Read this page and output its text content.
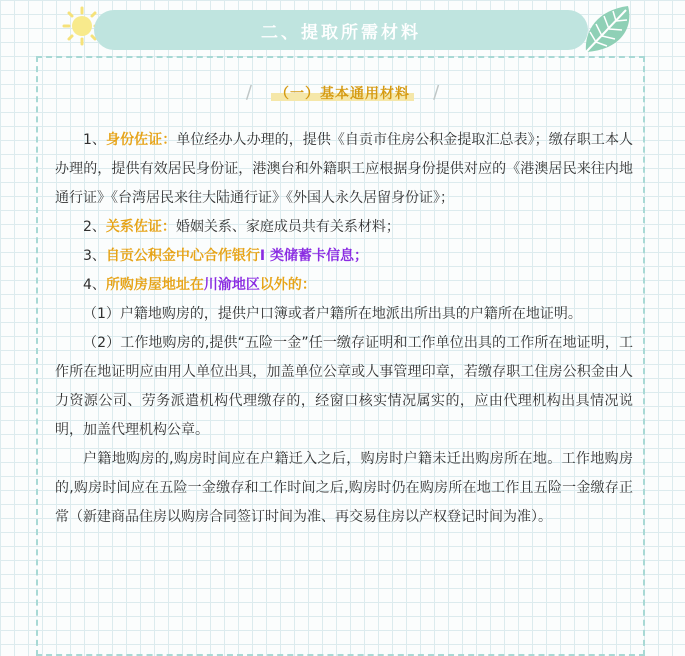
二、提取所需材料
/ （一）基本通用材料 /

1、身份佐证：单位经办人办理的，提供《自贡市住房公积金提取汇总表》；缴存职工本人办理的，提供有效居民身份证，港澳台和外籍职工应根据身份提供对应的《港澳居民来往内地通行证》《台湾居民来往大陆通行证》《外国人永久居留身份证》；

2、关系佐证：婚姻关系、家庭成员共有关系材料；

3、自贡公积金中心合作银行I 类储蓄卡信息；

4、所购房屋地址在川渝地区以外的：

（1）户籍地购房的，提供户口簿或者户籍所在地派出所出具的户籍所在地证明。

（2）工作地购房的,提供“五险一金”任一缴存证明和工作单位出具的工作所在地证明，工作所在地证明应由用人单位出具，加盖单位公章或人事管理印章，若缴存职工住房公积金由人力资源公司、劳务派遣机构代理缴存的，经窗口核实情况属实的，应由代理机构出具情况说明，加盖代理机构公章。

户籍地购房的,购房时间应在户籍迁入之后，购房时户籍未迁出购房所在地。工作地购房的,购房时间应在五险一金缴存和工作时间之后,购房时仍在购房所在地工作且五险一金缴存正常（新建商品住房以购房合同签订时间为准、再交易住房以产权登记时间为准）。
